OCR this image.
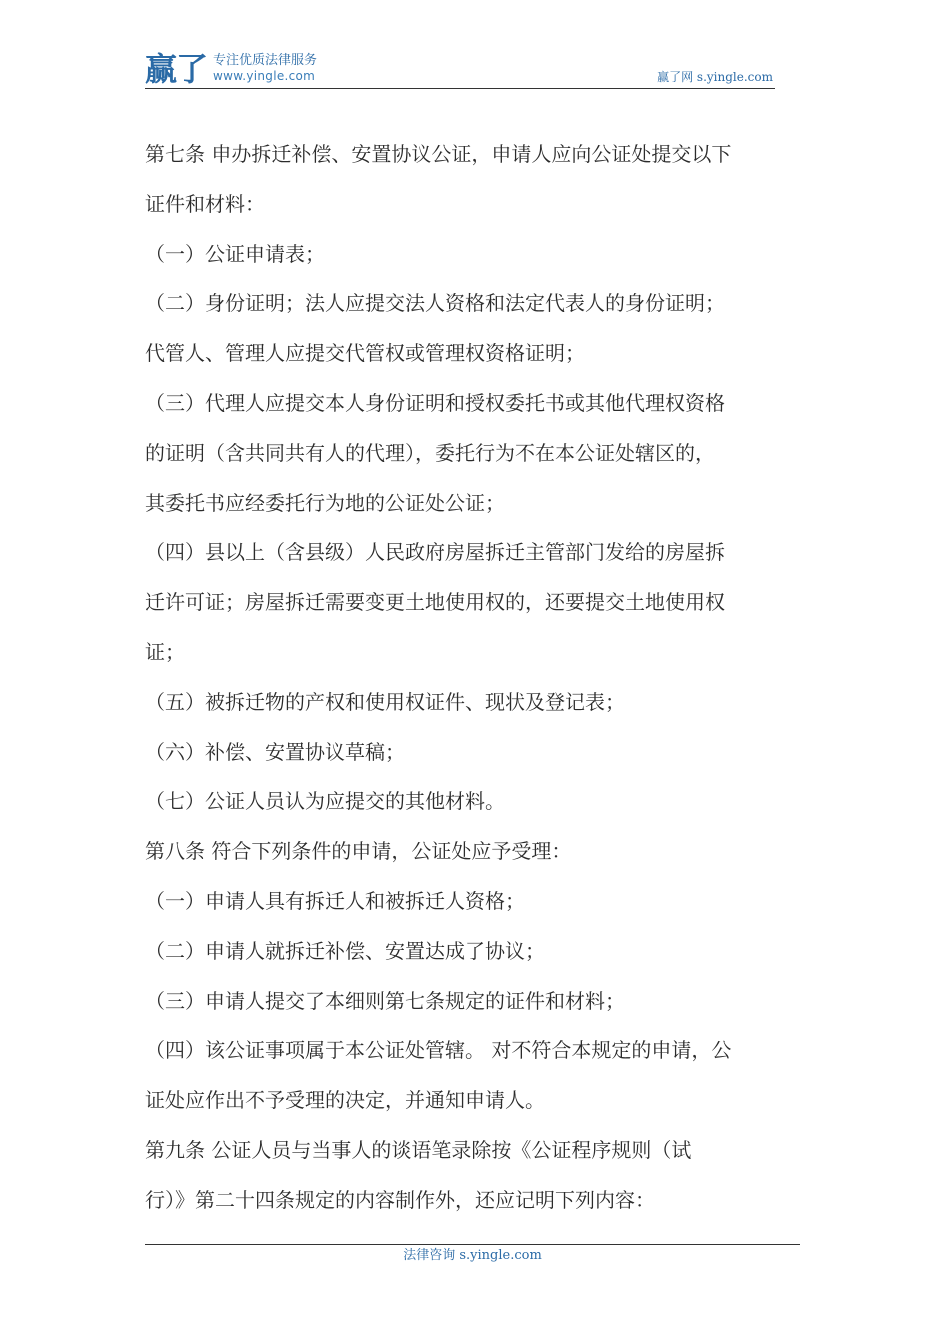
赢了 专注优质法律服务
www.yingle.com	赢了网 s.yingle.com

第七条 申办拆迁补偿、安置协议公证，申请人应向公证处提交以下

证件和材料：

（一）公证申请表；

（二）身份证明；法人应提交法人资格和法定代表人的身份证明；

代管人、管理人应提交代管权或管理权资格证明；

（三）代理人应提交本人身份证明和授权委托书或其他代理权资格

的证明（含共同共有人的代理），委托行为不在本公证处辖区的，

其委托书应经委托行为地的公证处公证；

（四）县以上（含县级）人民政府房屋拆迁主管部门发给的房屋拆

迁许可证；房屋拆迁需要变更土地使用权的，还要提交土地使用权

证；

（五）被拆迁物的产权和使用权证件、现状及登记表；

（六）补偿、安置协议草稿；

（七）公证人员认为应提交的其他材料。

第八条 符合下列条件的申请，公证处应予受理：

（一）申请人具有拆迁人和被拆迁人资格；

（二）申请人就拆迁补偿、安置达成了协议；

（三）申请人提交了本细则第七条规定的证件和材料；

（四）该公证事项属于本公证处管辖。 对不符合本规定的申请，公

证处应作出不予受理的决定，并通知申请人。

第九条 公证人员与当事人的谈语笔录除按《公证程序规则（试

行）》第二十四条规定的内容制作外，还应记明下列内容：

法律咨询 s.yingle.com
